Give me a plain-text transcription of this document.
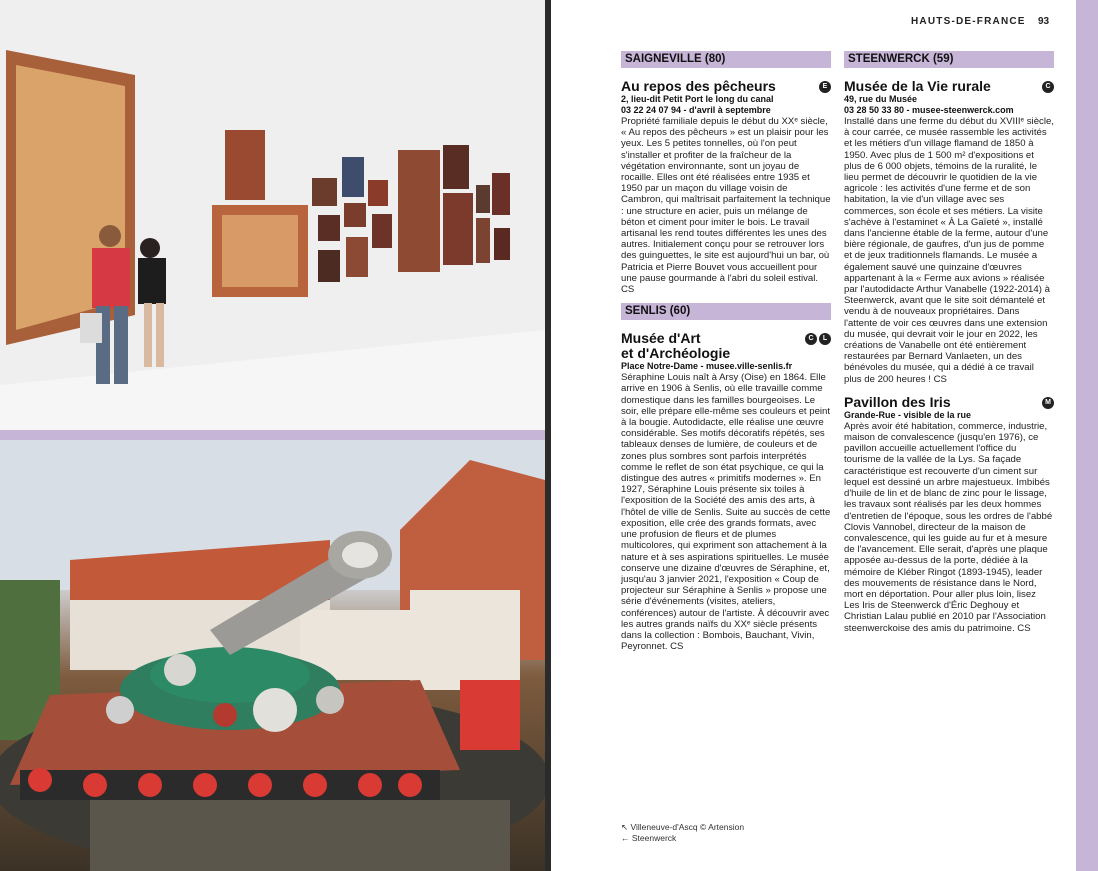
HAUTS-DE-FRANCE 93
SAIGNEVILLE (80)
E
Au repos des pêcheurs
2, lieu-dit Petit Port le long du canal
03 22 24 07 94 - d'avril à septembre
Propriété familiale depuis le début du XXᵉ siècle, « Au repos des pêcheurs » est un plaisir pour les yeux. Les 5 petites tonnelles, où l'on peut s'installer et profiter de la fraîcheur de la végétation environnante, sont un joyau de rocaille. Elles ont été réalisées entre 1935 et 1950 par un maçon du village voisin de Cambron, qui maîtrisait parfaitement la technique : une structure en acier, puis un mélange de béton et ciment pour imiter le bois. Le travail artisanal les rend toutes différentes les unes des autres. Initialement conçu pour se retrouver lors des guinguettes, le site est aujourd'hui un bar, où Patricia et Pierre Bouvet vous accueillent pour une pause gourmande à l'abri du soleil estival. CS
SENLIS (60)
C	L
Musée d'Art
et d'Archéologie
Place Notre-Dame - musee.ville-senlis.fr
Séraphine Louis naît à Arsy (Oise) en 1864. Elle arrive en 1906 à Senlis, où elle travaille comme domestique dans les familles bourgeoises. Le soir, elle prépare elle-même ses couleurs et peint à la bougie. Autodidacte, elle réalise une œuvre considérable. Ses motifs décoratifs répétés, ses tableaux denses de lumière, de couleurs et de zones plus sombres sont parfois interprétés comme le reflet de son état psychique, ce qui la distingue des autres « primitifs modernes ». En 1927, Séraphine Louis présente six toiles à l'exposition de la Société des amis des arts, à l'hôtel de ville de Senlis. Suite au succès de cette exposition, elle crée des grands formats, avec une profusion de fleurs et de plumes multicolores, qui expriment son attachement à la nature et à ses aspirations spirituelles. Le musée conserve une dizaine d'œuvres de Séraphine, et, jusqu'au 3 janvier 2021, l'exposition « Coup de projecteur sur Séraphine à Senlis » propose une série d'événements (visites, ateliers, conférences) autour de l'artiste. À découvrir avec les autres grands naïfs du XXᵉ siècle présents dans la collection : Bombois, Bauchant, Vivin, Peyronnet. CS
STEENWERCK (59)
C
Musée de la Vie rurale
49, rue du Musée
03 28 50 33 80 - musee-steenwerck.com
Installé dans une ferme du début du XVIIIᵉ siècle, à cour carrée, ce musée rassemble les activités et les métiers d'un village flamand de 1850 à 1950. Avec plus de 1 500 m² d'expositions et plus de 6 000 objets, témoins de la ruralité, le lieu permet de découvrir le quotidien de la vie agricole : les activités d'une ferme et de son habitation, la vie d'un village avec ses commerces, son école et ses métiers. La visite s'achève à l'estaminet « À La Gaïeté », installé dans l'ancienne étable de la ferme, autour d'une bière régionale, de gaufres, d'un jus de pomme et de jeux traditionnels flamands. Le musée a également sauvé une quinzaine d'œuvres appartenant à la « Ferme aux avions » réalisée par l'autodidacte Arthur Vanabelle (1922-2014) à Steenwerck, avant que le site soit démantelé et vendu à de nouveaux propriétaires. Dans l'attente de voir ces œuvres dans une extension du musée, qui devrait voir le jour en 2022, les créations de Vanabelle ont été entièrement restaurées par Bernard Vanlaeten, un des bénévoles du musée, qui a dédié à ce travail plus de 200 heures ! CS
M
Pavillon des Iris
Grande-Rue - visible de la rue
Après avoir été habitation, commerce, industrie, maison de convalescence (jusqu'en 1976), ce pavillon accueille actuellement l'office du tourisme de la vallée de la Lys. Sa façade caractéristique est recouverte d'un ciment sur lequel est dessiné un arbre majestueux. Imbibés d'huile de lin et de blanc de zinc pour le lissage, les travaux sont réalisés par les deux hommes d'entretien de l'époque, sous les ordres de l'abbé Clovis Vannobel, directeur de la maison de convalescence, qui les guide au fur et à mesure de l'avancement. Elle serait, d'après une plaque apposée au-dessus de la porte, dédiée à la mémoire de Kléber Ringot (1893-1945), leader des mouvements de résistance dans le Nord, mort en déportation. Pour aller plus loin, lisez Les Iris de Steenwerck d'Éric Deghouy et Christian Lalau publié en 2010 par l'Association steenwerckoise des amis du patrimoine. CS
↖ Villeneuve-d'Ascq © Artension
← Steenwerck
